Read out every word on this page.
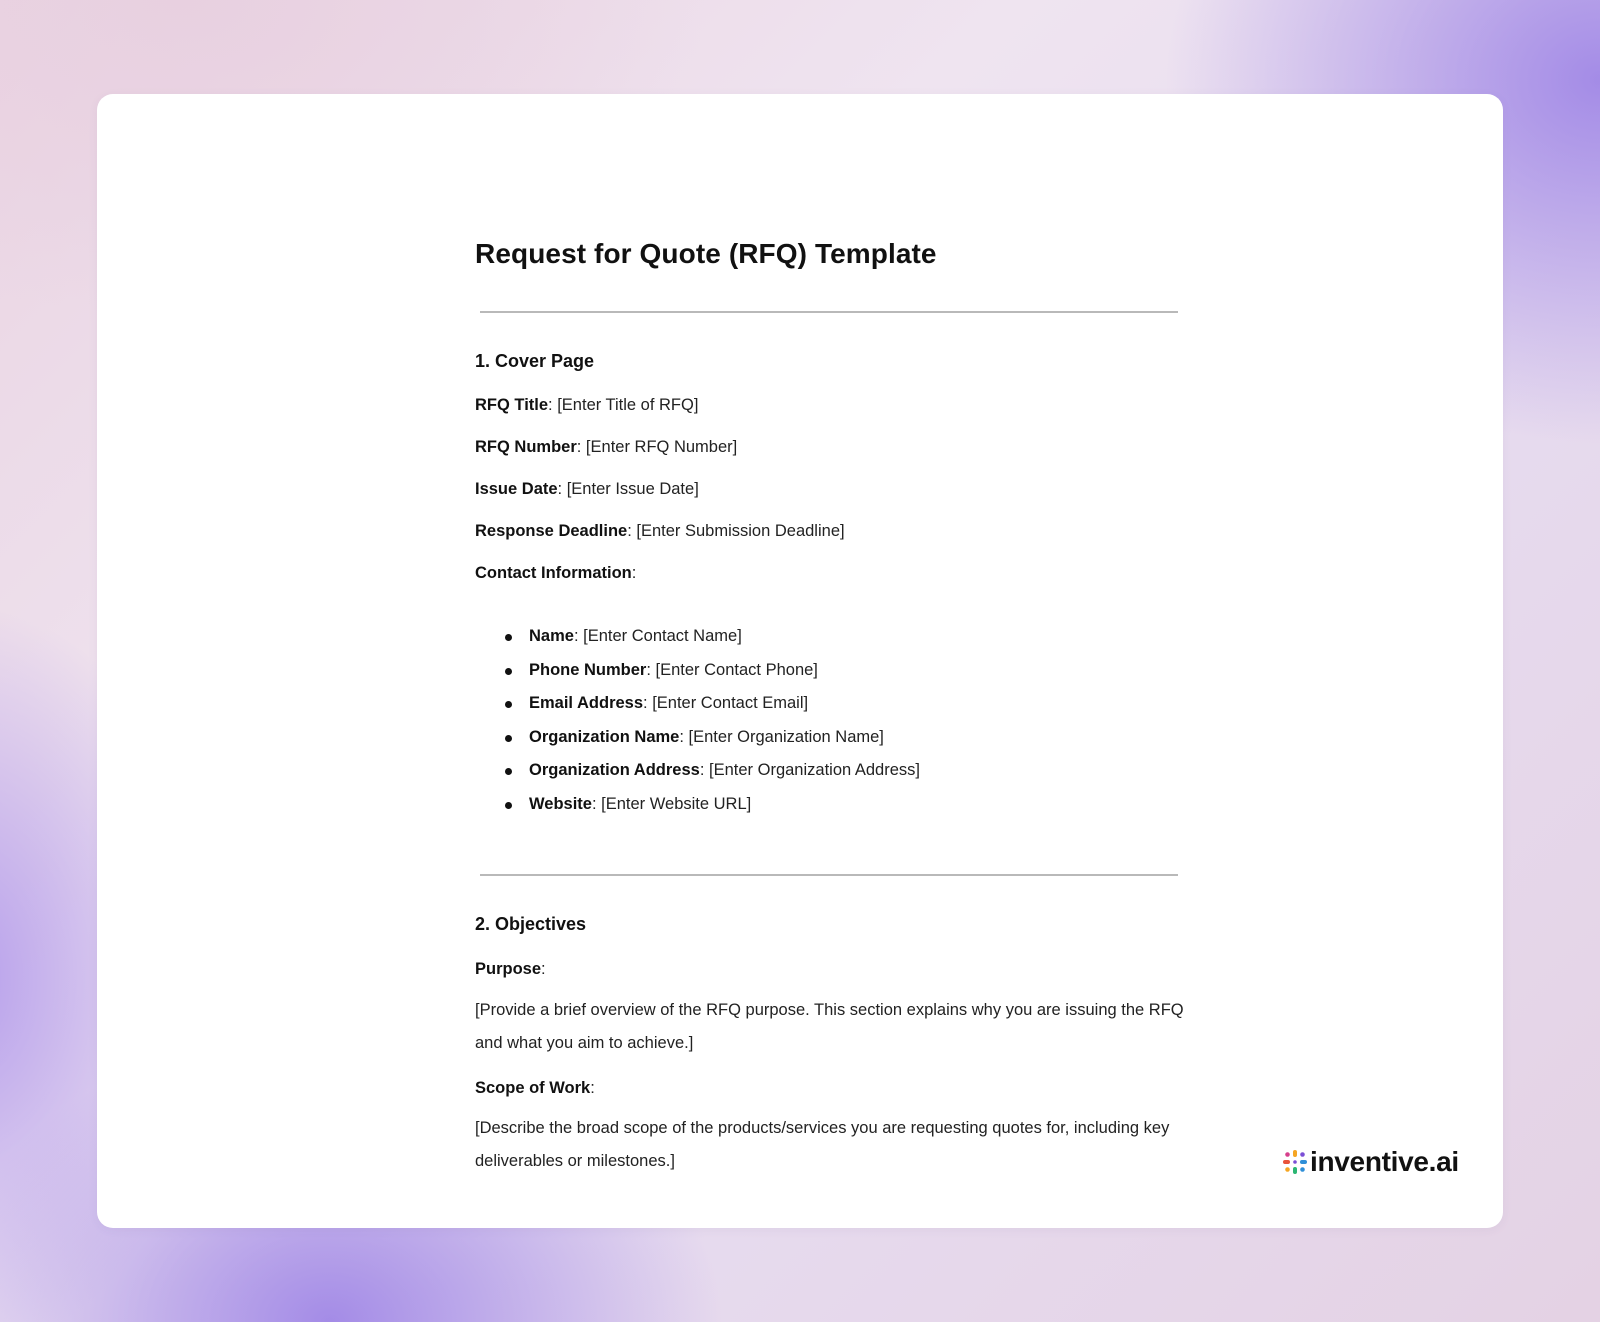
Request for Quote (RFQ) Template
1. Cover Page

RFQ Title: [Enter Title of RFQ]

RFQ Number: [Enter RFQ Number]

Issue Date: [Enter Issue Date]

Response Deadline: [Enter Submission Deadline]

Contact Information:

Name: [Enter Contact Name]
Phone Number: [Enter Contact Phone]
Email Address: [Enter Contact Email]
Organization Name: [Enter Organization Name]
Organization Address: [Enter Organization Address]
Website: [Enter Website URL]
2. Objectives

Purpose:

[Provide a brief overview of the RFQ purpose. This section explains why you are issuing the RFQ and what you aim to achieve.]

Scope of Work:

[Describe the broad scope of the products/services you are requesting quotes for, including key deliverables or milestones.]	inventive.ai
